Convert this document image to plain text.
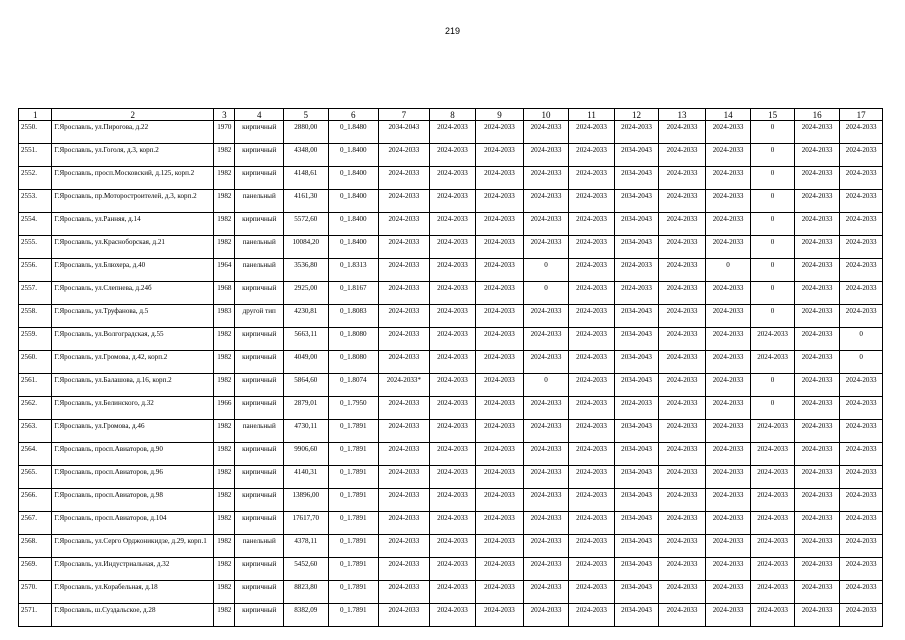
219
1	2	3	4	5	6	7	8	9	10	11	12	13	14	15	16	17
2550.	Г.Ярославль, ул.Пирогова, д.22	1970	кирпичный	2880,00	0_1.8480	2034-2043	2024-2033	2024-2033	2024-2033	2024-2033	2024-2033	2024-2033	2024-2033	0	2024-2033	2024-2033
2551.	Г.Ярославль, ул.Гоголя, д.3, корп.2	1982	кирпичный	4348,00	0_1.8400	2024-2033	2024-2033	2024-2033	2024-2033	2024-2033	2034-2043	2024-2033	2024-2033	0	2024-2033	2024-2033
2552.	Г.Ярославль, просп.Московский, д.125, корп.2	1982	кирпичный	4148,61	0_1.8400	2024-2033	2024-2033	2024-2033	2024-2033	2024-2033	2034-2043	2024-2033	2024-2033	0	2024-2033	2024-2033
2553.	Г.Ярославль, пр.Моторостроителей, д.3, корп.2	1982	панельный	4161,30	0_1.8400	2024-2033	2024-2033	2024-2033	2024-2033	2024-2033	2034-2043	2024-2033	2024-2033	0	2024-2033	2024-2033
2554.	Г.Ярославль, ул.Ранняя, д.14	1982	кирпичный	5572,60	0_1.8400	2024-2033	2024-2033	2024-2033	2024-2033	2024-2033	2034-2043	2024-2033	2024-2033	0	2024-2033	2024-2033
2555.	Г.Ярославль, ул.Красноборская, д.21	1982	панельный	10084,20	0_1.8400	2024-2033	2024-2033	2024-2033	2024-2033	2024-2033	2034-2043	2024-2033	2024-2033	0	2024-2033	2024-2033
2556.	Г.Ярославль, ул.Блюхера, д.40	1964	панельный	3536,80	0_1.8313	2024-2033	2024-2033	2024-2033	0	2024-2033	2024-2033	2024-2033	0	0	2024-2033	2024-2033
2557.	Г.Ярославль, ул.Слепнева, д.24б	1968	кирпичный	2925,00	0_1.8167	2024-2033	2024-2033	2024-2033	0	2024-2033	2024-2033	2024-2033	2024-2033	0	2024-2033	2024-2033
2558.	Г.Ярославль, ул.Труфанова, д.5	1983	другой тип	4230,81	0_1.8083	2024-2033	2024-2033	2024-2033	2024-2033	2024-2033	2034-2043	2024-2033	2024-2033	0	2024-2033	2024-2033
2559.	Г.Ярославль, ул.Волгоградская, д.55	1982	кирпичный	5663,11	0_1.8080	2024-2033	2024-2033	2024-2033	2024-2033	2024-2033	2034-2043	2024-2033	2024-2033	2024-2033	2024-2033	0
2560.	Г.Ярославль, ул.Громова, д.42, корп.2	1982	кирпичный	4049,00	0_1.8080	2024-2033	2024-2033	2024-2033	2024-2033	2024-2033	2034-2043	2024-2033	2024-2033	2024-2033	2024-2033	0
2561.	Г.Ярославль, ул.Балашова, д.16, корп.2	1982	кирпичный	5864,60	0_1.8074	2024-2033*	2024-2033	2024-2033	0	2024-2033	2034-2043	2024-2033	2024-2033	0	2024-2033	2024-2033
2562.	Г.Ярославль, ул.Белинского, д.32	1966	кирпичный	2879,01	0_1.7950	2024-2033	2024-2033	2024-2033	2024-2033	2024-2033	2024-2033	2024-2033	2024-2033	0	2024-2033	2024-2033
2563.	Г.Ярославль, ул.Громова, д.46	1982	панельный	4730,11	0_1.7891	2024-2033	2024-2033	2024-2033	2024-2033	2024-2033	2034-2043	2024-2033	2024-2033	2024-2033	2024-2033	2024-2033
2564.	Г.Ярославль, просп.Авиаторов, д.90	1982	кирпичный	9906,60	0_1.7891	2024-2033	2024-2033	2024-2033	2024-2033	2024-2033	2034-2043	2024-2033	2024-2033	2024-2033	2024-2033	2024-2033
2565.	Г.Ярославль, просп.Авиаторов, д.96	1982	кирпичный	4140,31	0_1.7891	2024-2033	2024-2033	2024-2033	2024-2033	2024-2033	2034-2043	2024-2033	2024-2033	2024-2033	2024-2033	2024-2033
2566.	Г.Ярославль, просп.Авиаторов, д.98	1982	кирпичный	13896,00	0_1.7891	2024-2033	2024-2033	2024-2033	2024-2033	2024-2033	2034-2043	2024-2033	2024-2033	2024-2033	2024-2033	2024-2033
2567.	Г.Ярославль, просп.Авиаторов, д.104	1982	кирпичный	17617,70	0_1.7891	2024-2033	2024-2033	2024-2033	2024-2033	2024-2033	2034-2043	2024-2033	2024-2033	2024-2033	2024-2033	2024-2033
2568.	Г.Ярославль, ул.Серго Орджоникидзе, д.29, корп.1	1982	панельный	4378,11	0_1.7891	2024-2033	2024-2033	2024-2033	2024-2033	2024-2033	2034-2043	2024-2033	2024-2033	2024-2033	2024-2033	2024-2033
2569.	Г.Ярославль, ул.Индустриальная, д.32	1982	кирпичный	5452,60	0_1.7891	2024-2033	2024-2033	2024-2033	2024-2033	2024-2033	2034-2043	2024-2033	2024-2033	2024-2033	2024-2033	2024-2033
2570.	Г.Ярославль, ул.Корабельная, д.18	1982	кирпичный	8823,80	0_1.7891	2024-2033	2024-2033	2024-2033	2024-2033	2024-2033	2034-2043	2024-2033	2024-2033	2024-2033	2024-2033	2024-2033
2571.	Г.Ярославль, ш.Суздальское, д.28	1982	кирпичный	8382,09	0_1.7891	2024-2033	2024-2033	2024-2033	2024-2033	2024-2033	2034-2043	2024-2033	2024-2033	2024-2033	2024-2033	2024-2033
